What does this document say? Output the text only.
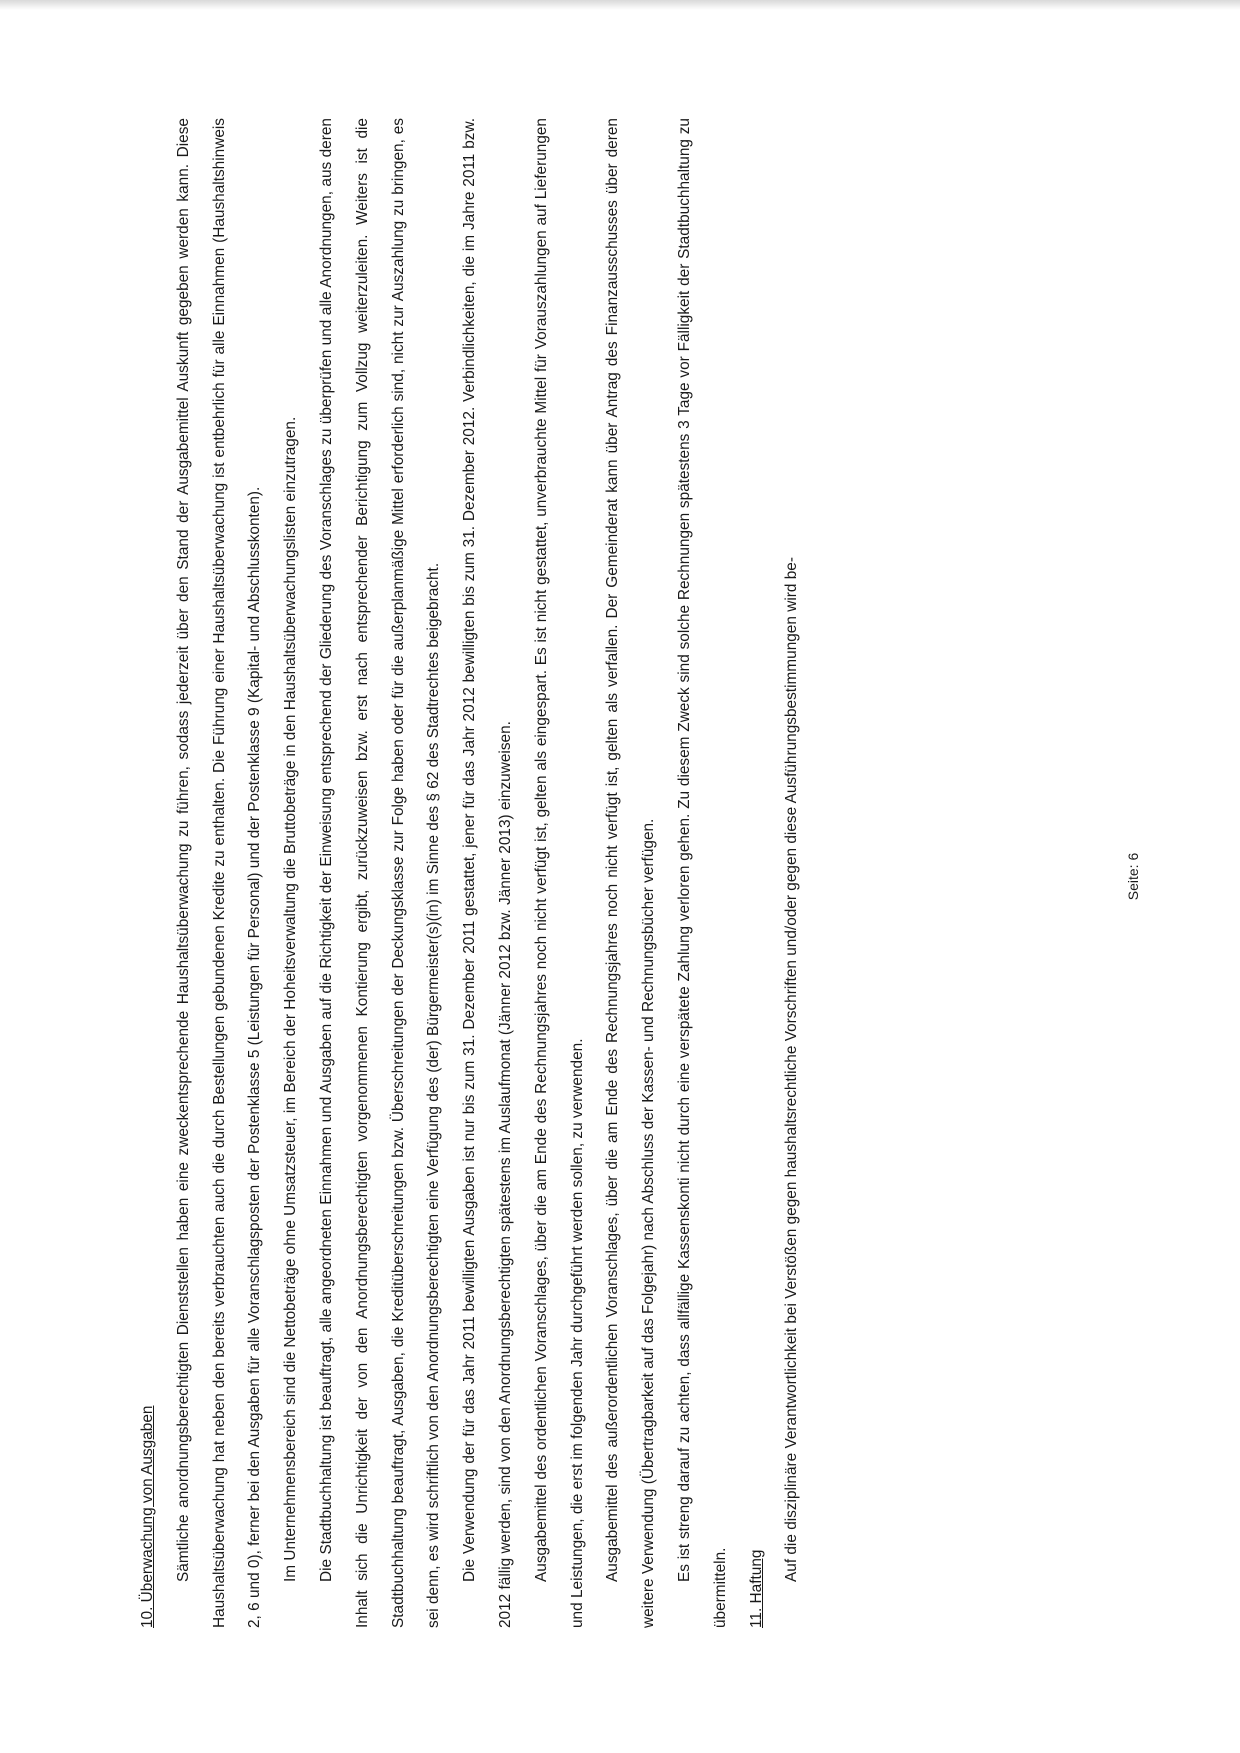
10. Überwachung von Ausgaben	Sämtliche anordnungsberechtigten Dienststellen haben eine zweckentsprechende Haushaltsüberwachung zu führen, sodass jederzeit über den Stand der Ausgabemittel Auskunft gegeben werden kann. Diese Haushaltsüberwachung hat neben den bereits verbrauchten auch die durch Bestellungen gebundenen Kredite zu enthalten. Die Führung einer Haushaltsüberwachung ist entbehrlich für alle Einnahmen (Haushaltshinweis 2, 6 und 0), ferner bei den Ausgaben für alle Voranschlagsposten der Postenklasse 5 (Leistungen für Personal) und der Postenklasse 9 (Kapital- und Abschlusskonten).	Im Unternehmensbereich sind die Nettobeträge ohne Umsatzsteuer, im Bereich der Hoheitsverwaltung die Bruttobeträge in den Haushaltsüberwachungslisten einzutragen.	Die Stadtbuchhaltung ist beauftragt, alle angeordneten Einnahmen und Ausgaben auf die Richtigkeit der Einweisung entsprechend der Gliederung des Voranschlages zu überprüfen und alle Anordnungen, aus deren Inhalt sich die Unrichtigkeit der von den Anordnungsberechtigten vorgenommenen Kontierung ergibt, zurückzuweisen bzw. erst nach entsprechender Berichtigung zum Vollzug weiterzuleiten. Weiters ist die Stadtbuchhaltung beauftragt, Ausgaben, die Kreditüberschreitungen bzw. Überschreitungen der Deckungsklasse zur Folge haben oder für die außerplanmäßige Mittel erforderlich sind, nicht zur Auszahlung zu bringen, es sei denn, es wird schriftlich von den Anordnungsberechtigten eine Verfügung des (der) Bürgermeister(s)(in) im Sinne des § 62 des Stadtrechtes beigebracht.	Die Verwendung der für das Jahr 2011 bewilligten Ausgaben ist nur bis zum 31. Dezember 2011 gestattet, jener für das Jahr 2012 bewilligten bis zum 31. Dezember 2012. Verbindlichkeiten, die im Jahre 2011 bzw. 2012 fällig werden, sind von den Anordnungsberechtigten spätestens im Auslaufmonat (Jänner 2012 bzw. Jänner 2013) einzuweisen.	Ausgabemittel des ordentlichen Voranschlages, über die am Ende des Rechnungsjahres noch nicht verfügt ist, gelten als eingespart. Es ist nicht gestattet, unverbrauchte Mittel für Vorauszahlungen auf Lieferungen und Leistungen, die erst im folgenden Jahr durchgeführt werden sollen, zu verwenden.	Ausgabemittel des außerordentlichen Voranschlages, über die am Ende des Rechnungsjahres noch nicht verfügt ist, gelten als verfallen. Der Gemeinderat kann über Antrag des Finanzausschusses über deren weitere Verwendung (Übertragbarkeit auf das Folgejahr) nach Abschluss der Kassen- und Rechnungsbücher verfügen.	Es ist streng darauf zu achten, dass allfällige Kassenskonti nicht durch eine verspätete Zahlung verloren gehen. Zu diesem Zweck sind solche Rechnungen spätestens 3 Tage vor Fälligkeit der Stadtbuchhaltung zu übermitteln.	11. Haftung

Auf die disziplinäre Verantwortlichkeit bei Verstößen gegen haushaltsrechtliche Vorschriften und/oder gegen diese Ausführungsbestimmungen wird be-	Seite: 6
